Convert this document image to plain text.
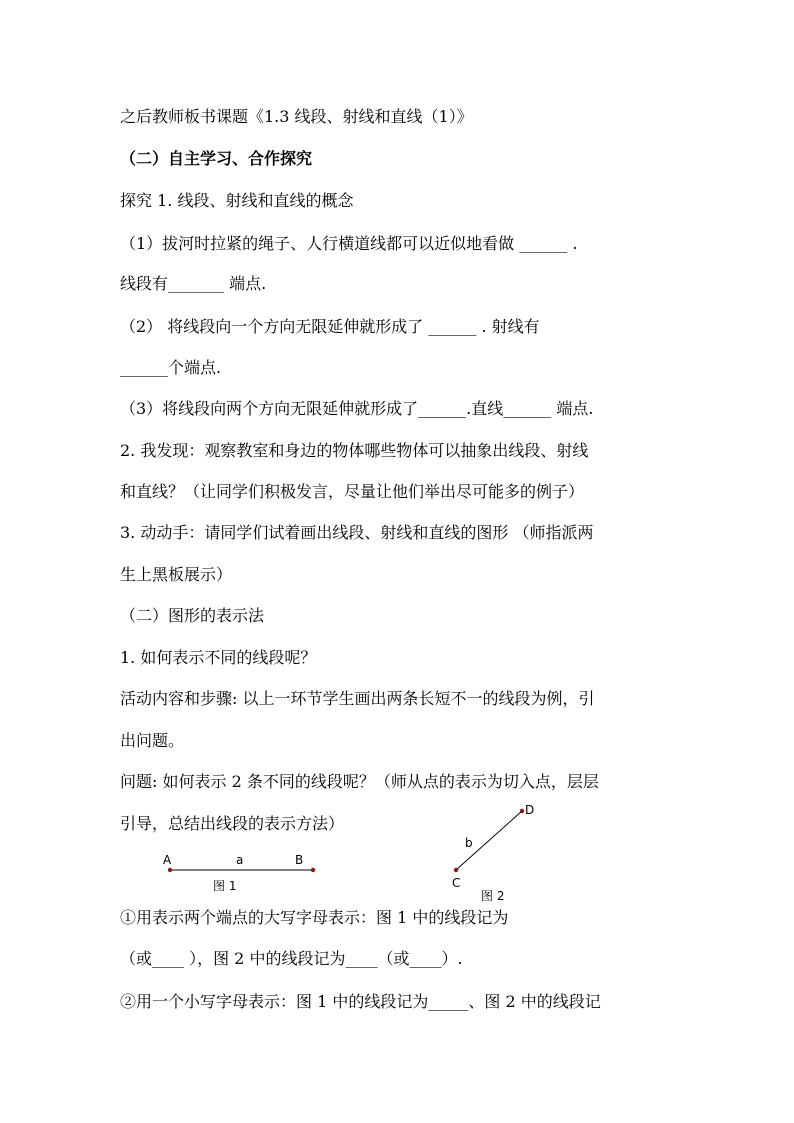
之后教师板书课题《1.3 线段、射线和直线（1）》
（二）自主学习、合作探究
探究 1. 线段、射线和直线的概念
（1）拔河时拉紧的绳子、人行横道线都可以近似地看做 ______ .
线段有_______ 端点.
（2） 将线段向一个方向无限延伸就形成了 ______ . 射线有
______个端点.
（3）将线段向两个方向无限延伸就形成了______.直线______ 端点.
2. 我发现：观察教室和身边的物体哪些物体可以抽象出线段、射线
和直线？（让同学们积极发言，尽量让他们举出尽可能多的例子）
3. 动动手：请同学们试着画出线段、射线和直线的图形 （师指派两
生上黑板展示）
（二）图形的表示法
1. 如何表示不同的线段呢？
活动内容和步骤: 以上一环节学生画出两条长短不一的线段为例，引
出问题。
问题: 如何表示 2 条不同的线段呢？（师从点的表示为切入点，层层
引导，总结出线段的表示方法）
A	a	B
图 1	C
b
D
图 2
①用表示两个端点的大写字母表示：图 1 中的线段记为
（或____ ），图 2 中的线段记为____（或____）.
②用一个小写字母表示：图 1 中的线段记为_____、图 2 中的线段记
